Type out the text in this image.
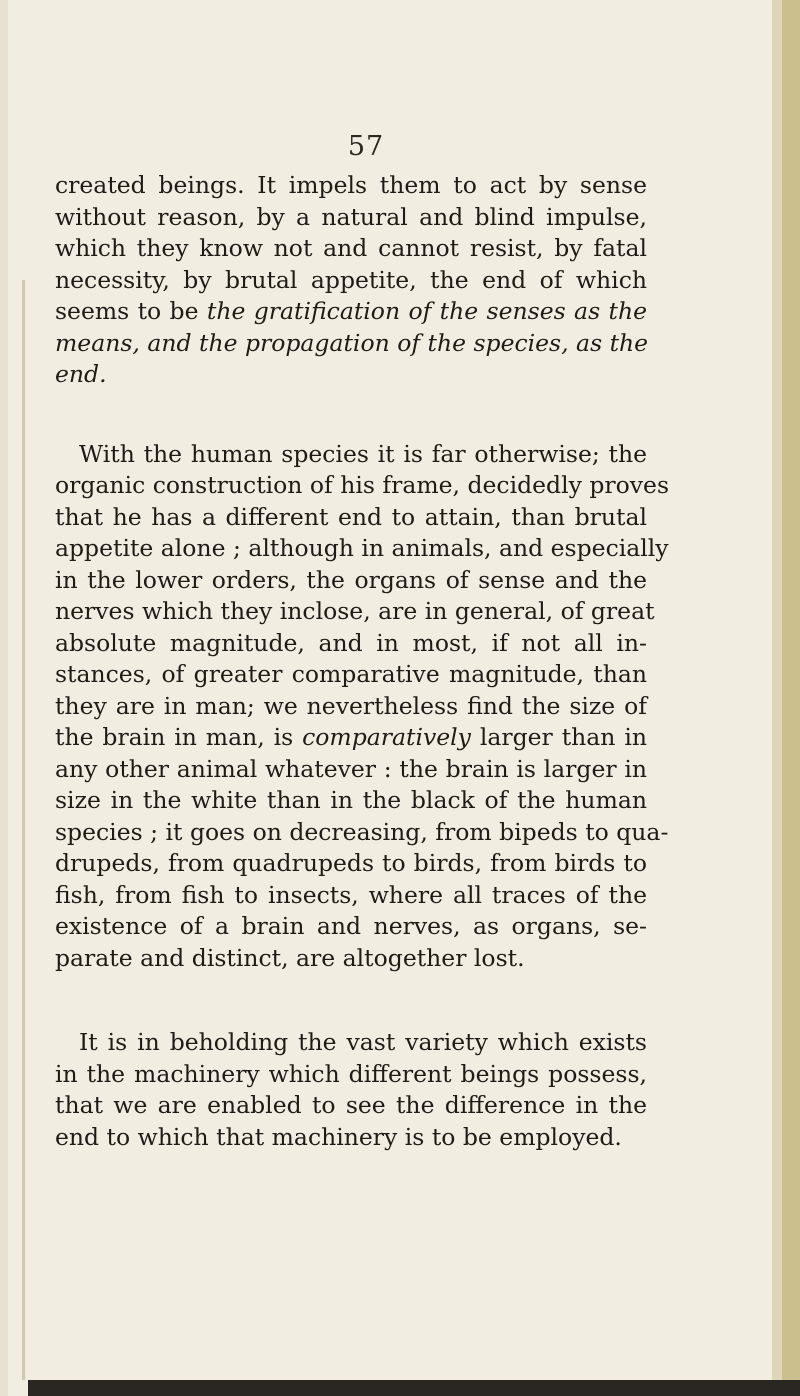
57
created beings. It impels them to act by sense
without reason, by a natural and blind impulse,
which they know not and cannot resist, by fatal
necessity, by brutal appetite, the end of which
seems to be the gratification of the senses as the
means, and the propagation of the species, as the
end.
With the human species it is far otherwise; the
organic construction of his frame, decidedly proves
that he has a different end to attain, than brutal
appetite alone ; although in animals, and especially
in the lower orders, the organs of sense and the
nerves which they inclose, are in general, of great
absolute magnitude, and in most, if not all in-
stances, of greater comparative magnitude, than
they are in man; we nevertheless find the size of
the brain in man, is comparatively larger than in
any other animal whatever : the brain is larger in
size in the white than in the black of the human
species ; it goes on decreasing, from bipeds to qua-
drupeds, from quadrupeds to birds, from birds to
fish, from fish to insects, where all traces of the
existence of a brain and nerves, as organs, se-
parate and distinct, are altogether lost.
It is in beholding the vast variety which exists
in the machinery which different beings possess,
that we are enabled to see the difference in the
end to which that machinery is to be employed.
